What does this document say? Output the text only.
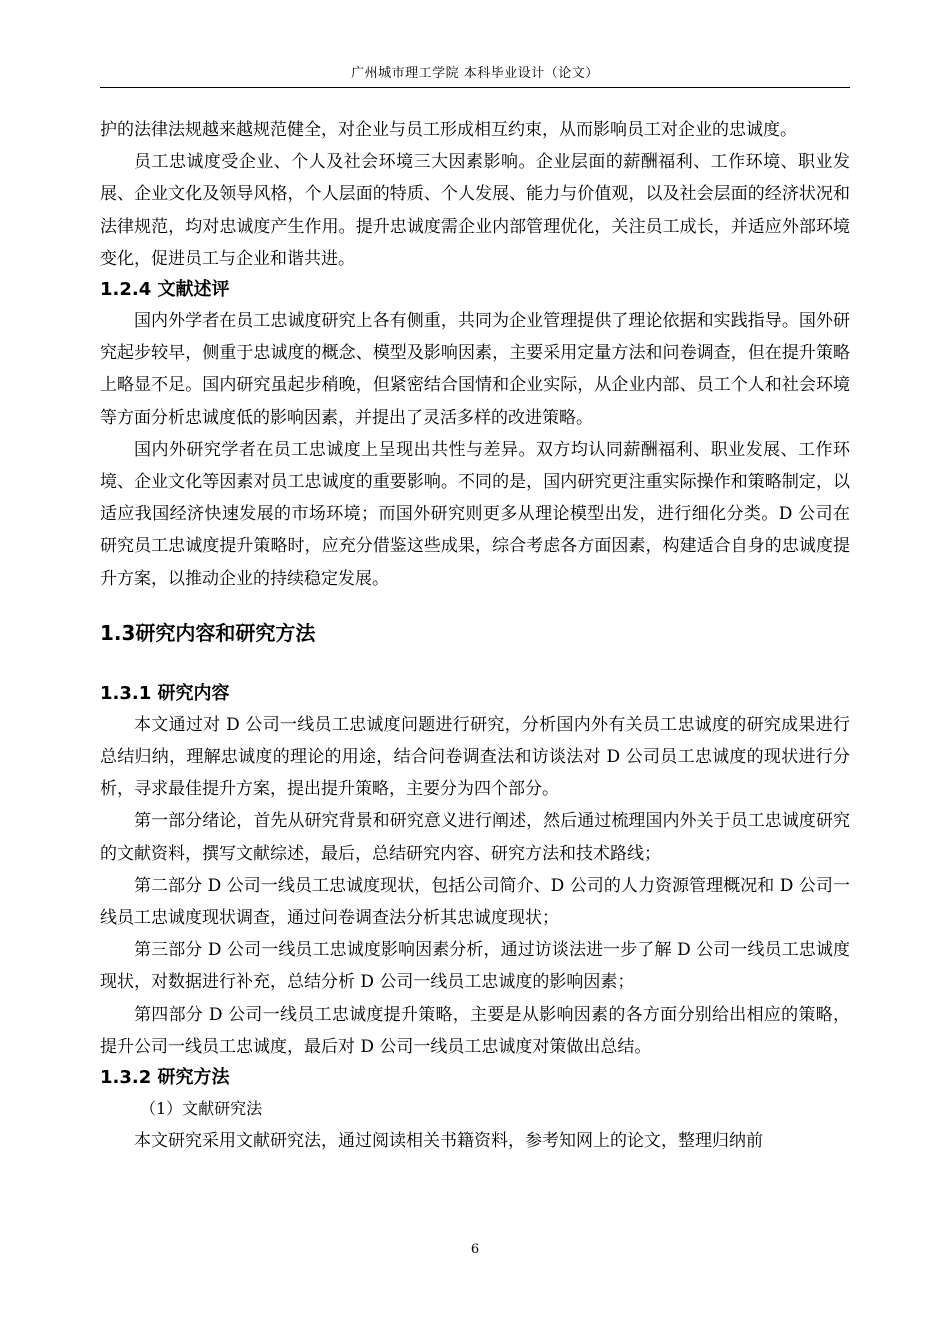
广州城市理工学院 本科毕业设计（论文）

护的法律法规越来越规范健全，对企业与员工形成相互约束，从而影响员工对企业的忠诚度。

员工忠诚度受企业、个人及社会环境三大因素影响。企业层面的薪酬福利、工作环境、职业发展、企业文化及领导风格，个人层面的特质、个人发展、能力与价值观，以及社会层面的经济状况和法律规范，均对忠诚度产生作用。提升忠诚度需企业内部管理优化，关注员工成长，并适应外部环境变化，促进员工与企业和谐共进。

1.2.4 文献述评

国内外学者在员工忠诚度研究上各有侧重，共同为企业管理提供了理论依据和实践指导。国外研究起步较早，侧重于忠诚度的概念、模型及影响因素，主要采用定量方法和问卷调查，但在提升策略上略显不足。国内研究虽起步稍晚，但紧密结合国情和企业实际，从企业内部、员工个人和社会环境等方面分析忠诚度低的影响因素，并提出了灵活多样的改进策略。

国内外研究学者在员工忠诚度上呈现出共性与差异。双方均认同薪酬福利、职业发展、工作环境、企业文化等因素对员工忠诚度的重要影响。不同的是，国内研究更注重实际操作和策略制定，以适应我国经济快速发展的市场环境；而国外研究则更多从理论模型出发，进行细化分类。D 公司在研究员工忠诚度提升策略时，应充分借鉴这些成果，综合考虑各方面因素，构建适合自身的忠诚度提升方案，以推动企业的持续稳定发展。

1.3研究内容和研究方法
1.3.1 研究内容

本文通过对 D 公司一线员工忠诚度问题进行研究，分析国内外有关员工忠诚度的研究成果进行总结归纳，理解忠诚度的理论的用途，结合问卷调查法和访谈法对 D 公司员工忠诚度的现状进行分析，寻求最佳提升方案，提出提升策略，主要分为四个部分。

第一部分绪论，首先从研究背景和研究意义进行阐述，然后通过梳理国内外关于员工忠诚度研究的文献资料，撰写文献综述，最后，总结研究内容、研究方法和技术路线；

第二部分 D 公司一线员工忠诚度现状，包括公司简介、D 公司的人力资源管理概况和 D 公司一线员工忠诚度现状调查，通过问卷调查法分析其忠诚度现状；

第三部分 D 公司一线员工忠诚度影响因素分析，通过访谈法进一步了解 D 公司一线员工忠诚度现状，对数据进行补充，总结分析 D 公司一线员工忠诚度的影响因素；

第四部分 D 公司一线员工忠诚度提升策略，主要是从影响因素的各方面分别给出相应的策略，提升公司一线员工忠诚度，最后对 D 公司一线员工忠诚度对策做出总结。

1.3.2 研究方法

（1）文献研究法

本文研究采用文献研究法，通过阅读相关书籍资料，参考知网上的论文，整理归纳前

6
